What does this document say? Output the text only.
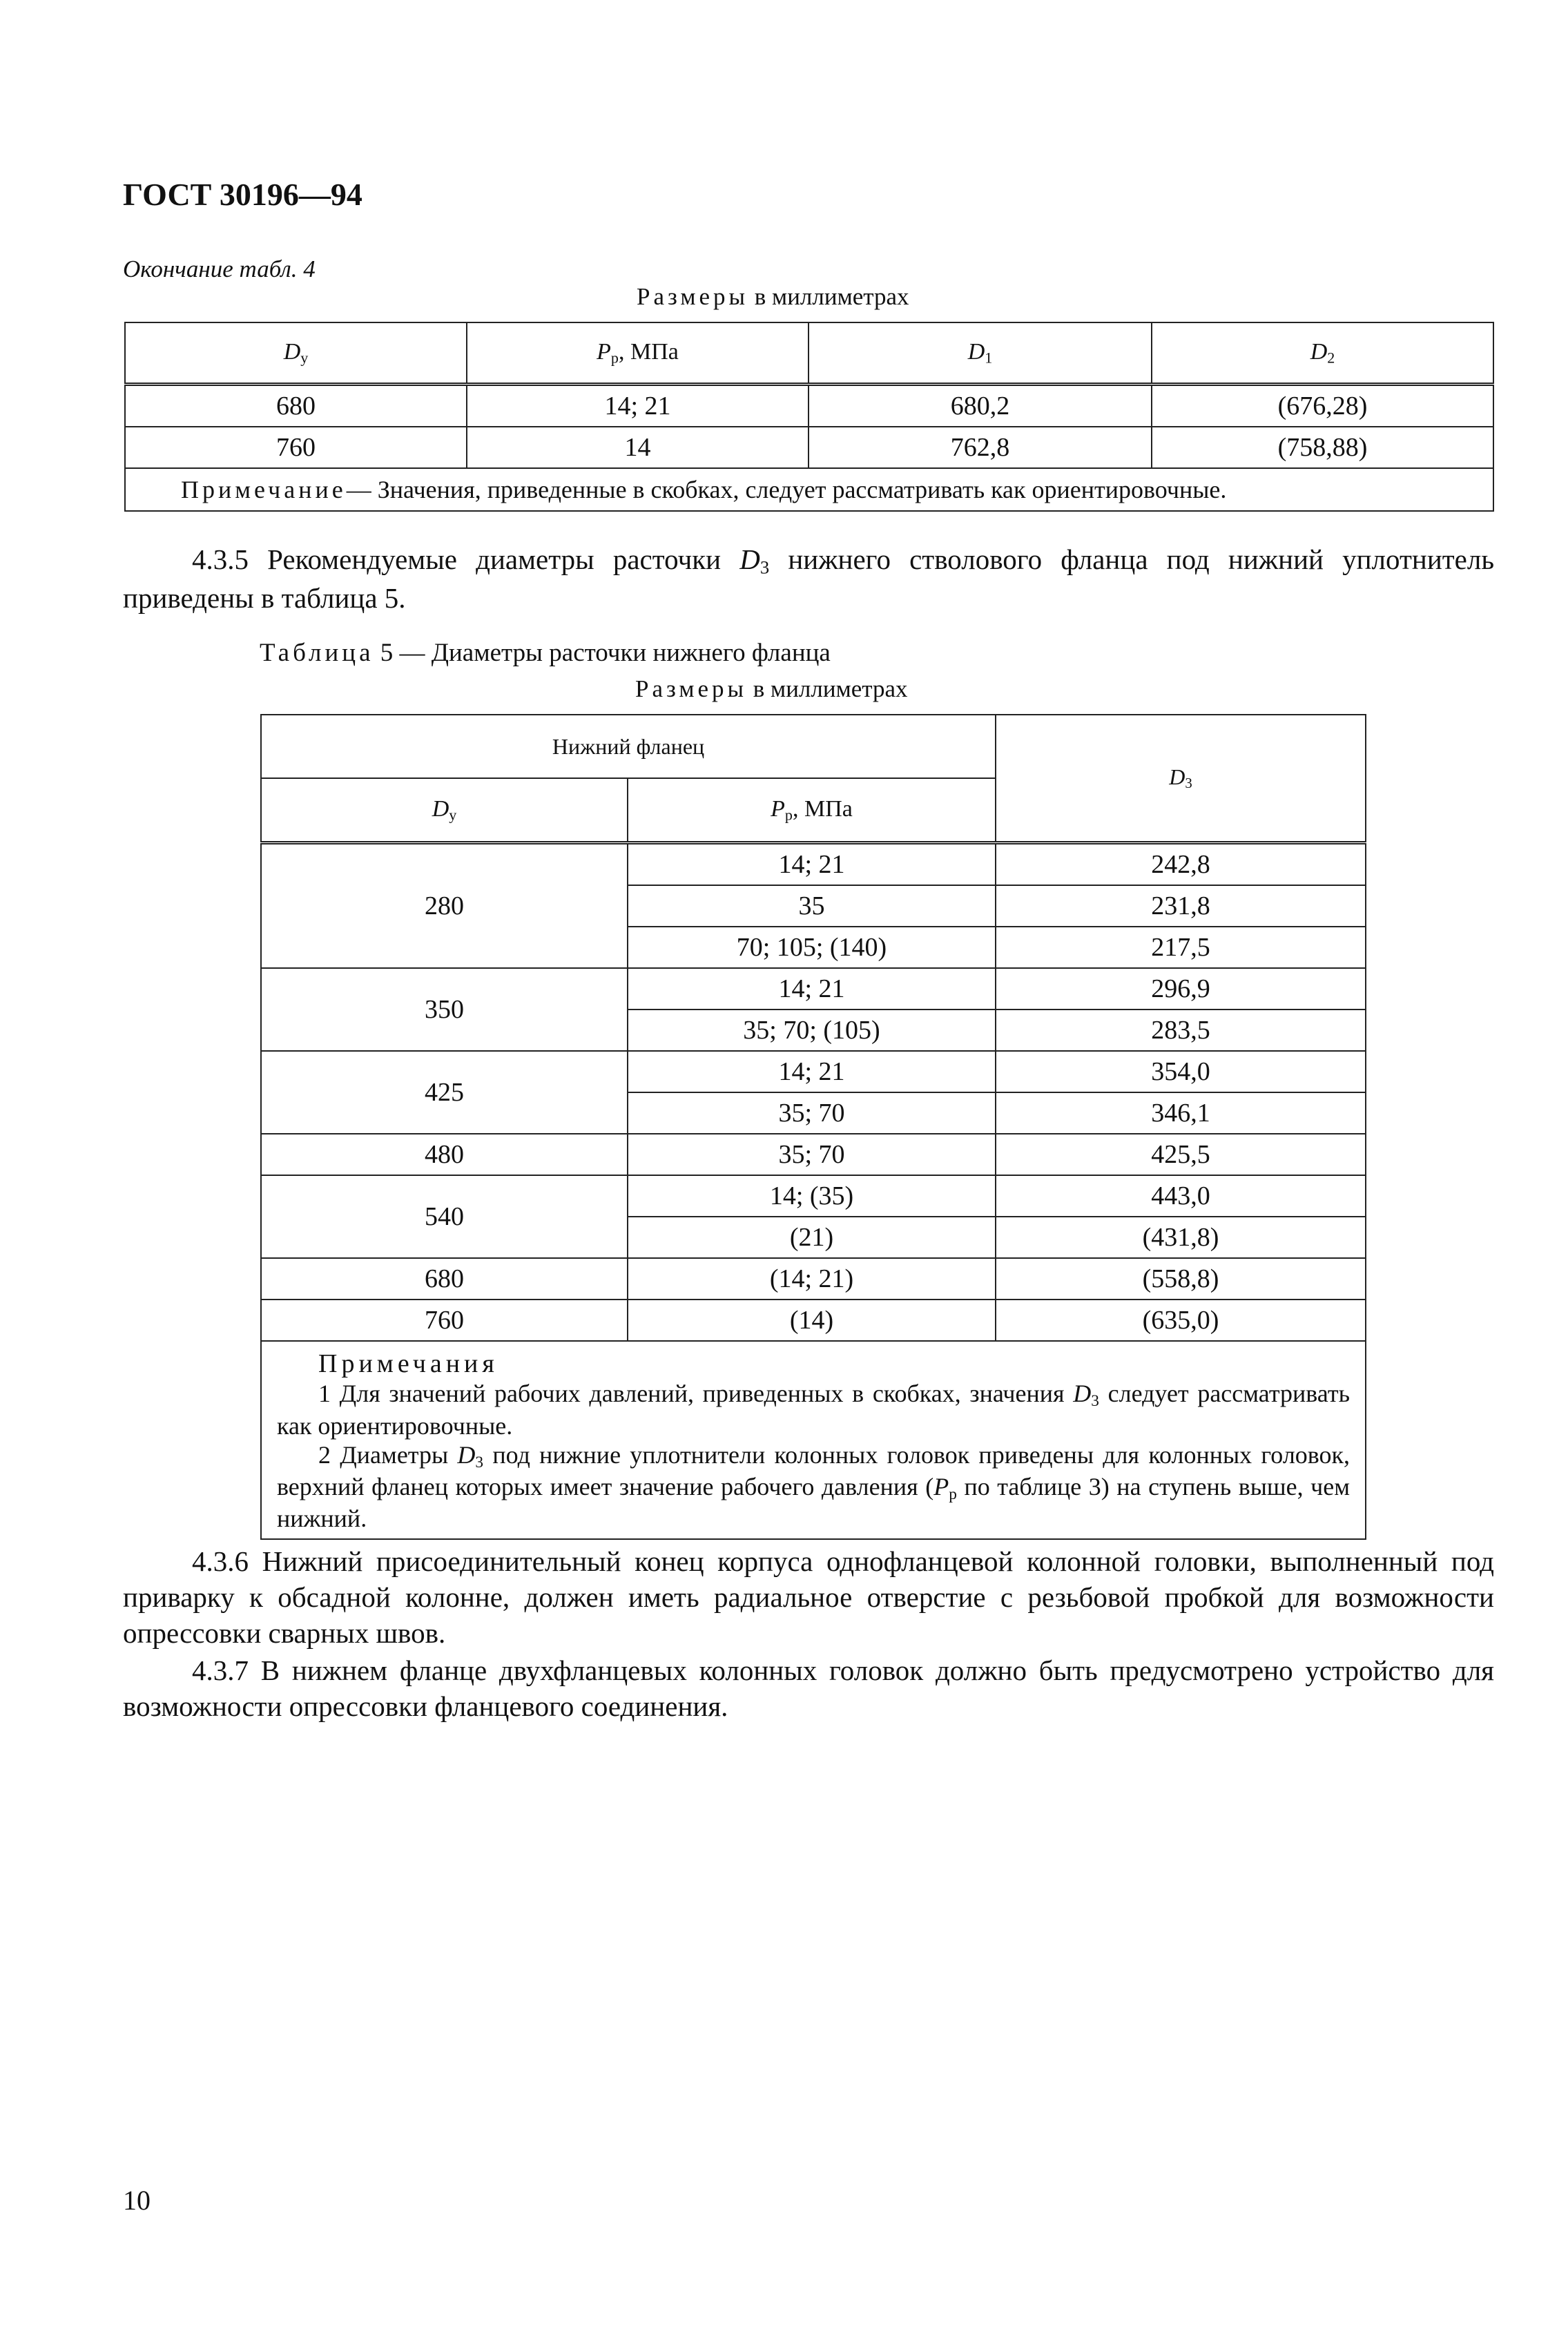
ГОСТ 30196—94
Окончание табл. 4
Размеры в миллиметрах
$D_у$	$P_р$, МПа	$D_1$	$D_2$
680	14; 21	680,2	(676,28)
760	14	762,8	(758,88)
Примечание— Значения, приведенные в скобках, следует рассматривать как ориентировочные.			
4.3.5 Рекомендуемые диаметры расточки $D_3$ нижнего стволового фланца под нижний уплотнитель приведены в таблица 5.
Таблица 5 — Диаметры расточки нижнего фланца
Размеры в миллиметрах
Нижний фланец		$D_3$
$D_у$	$P_р$, МПа	
280	14; 21	242,8
	35	231,8
	70; 105; (140)	217,5
350	14; 21	296,9
	35; 70; (105)	283,5
425	14; 21	354,0
	35; 70	346,1
480	35; 70	425,5
540	14; (35)	443,0
	(21)	(431,8)
680	(14; 21)	(558,8)
760	(14)	(635,0)

Примечания
1 Для значений рабочих давлений, приведенных в скобках, значения $D_3$ следует рассматривать как ориентировочные.
2 Диаметры $D_3$ под нижние уплотнители колонных головок приведены для колонных головок, верхний фланец которых имеет значение рабочего давления ($P_р$ по таблице 3) на ступень выше, чем нижний.		
4.3.6 Нижний присоединительный конец корпуса однофланцевой колонной головки, выполненный под приварку к обсадной колонне, должен иметь радиальное отверстие с резьбовой пробкой для возможности опрессовки сварных швов.
4.3.7 В нижнем фланце двухфланцевых колонных головок должно быть предусмотрено устройство для возможности опрессовки фланцевого соединения.
10
